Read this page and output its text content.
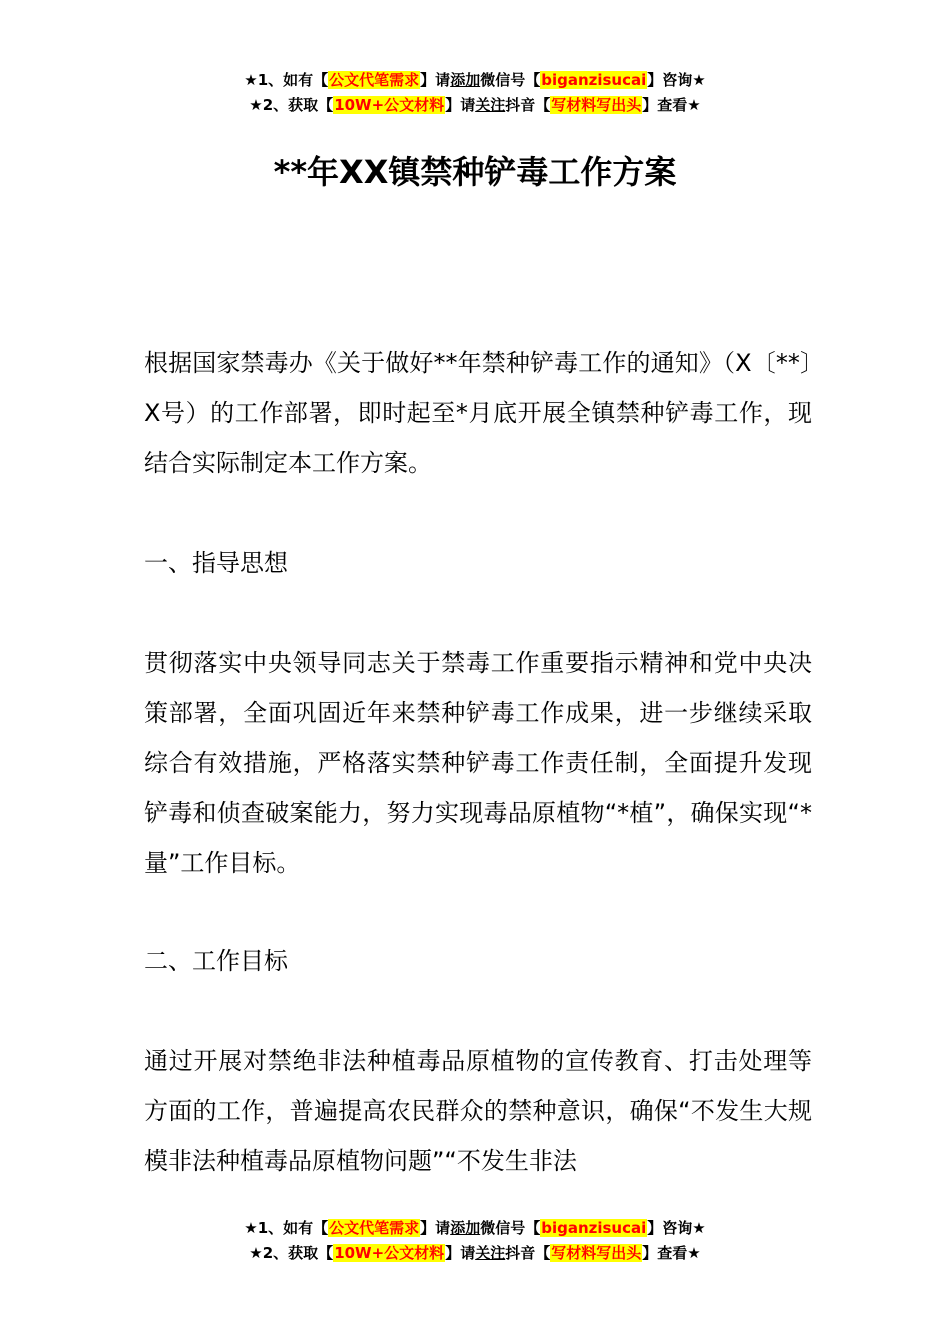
★1、如有【公文代笔需求】请添加微信号【biganzisucai】咨询★
★2、获取【10W+公文材料】请关注抖音【写材料写出头】查看★
**年XX镇禁种铲毒工作方案

根据国家禁毒办《关于做好**年禁种铲毒工作的通知》（X〔**〕X号）的工作部署，即时起至*月底开展全镇禁种铲毒工作，现结合实际制定本工作方案。

一、指导思想

贯彻落实中央领导同志关于禁毒工作重要指示精神和党中央决策部署，全面巩固近年来禁种铲毒工作成果，进一步继续采取综合有效措施，严格落实禁种铲毒工作责任制，全面提升发现铲毒和侦查破案能力，努力实现毒品原植物“*植”，确保实现“*量”工作目标。

二、工作目标

通过开展对禁绝非法种植毒品原植物的宣传教育、打击处理等方面的工作，普遍提高农民群众的禁种意识，确保“不发生大规模非法种植毒品原植物问题”“不发生非法

★1、如有【公文代笔需求】请添加微信号【biganzisucai】咨询★
★2、获取【10W+公文材料】请关注抖音【写材料写出头】查看★
